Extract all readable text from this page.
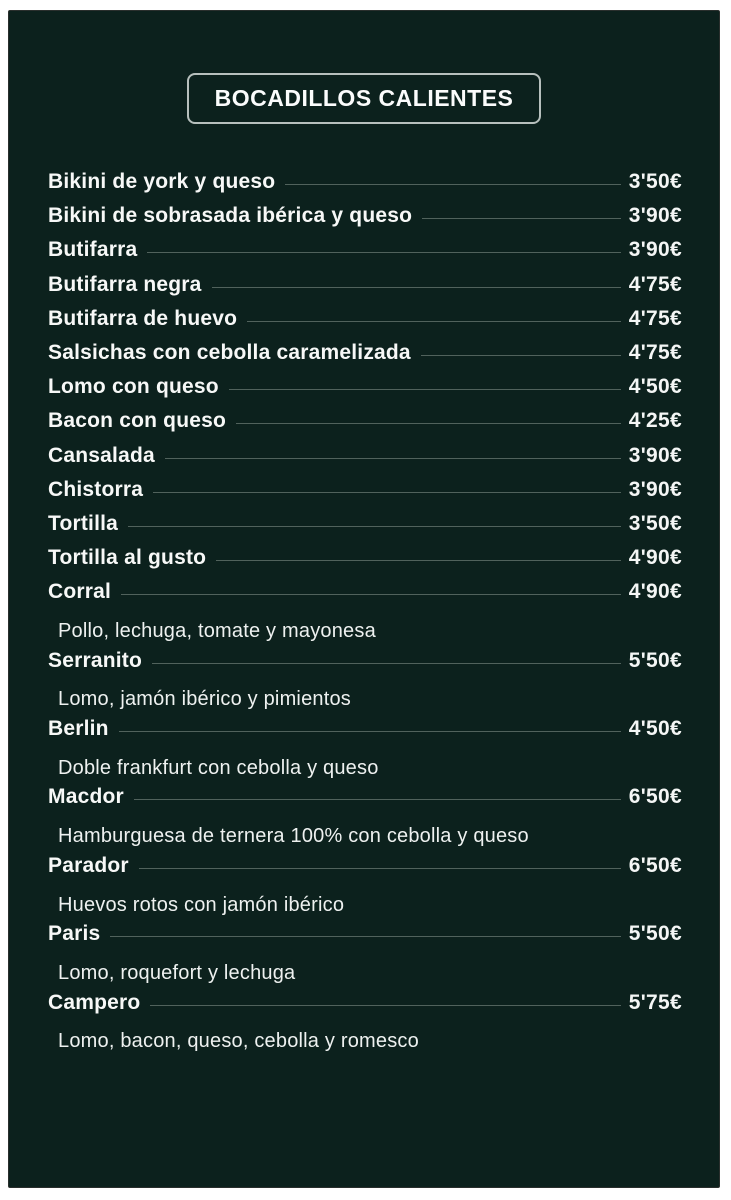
BOCADILLOS CALIENTES
Bikini de york y queso	3'50€
Bikini de sobrasada ibérica y queso	3'90€
Butifarra	3'90€
Butifarra negra	4'75€
Butifarra de huevo	4'75€
Salsichas con cebolla caramelizada	4'75€
Lomo con queso	4'50€
Bacon con queso	4'25€
Cansalada	3'90€
Chistorra	3'90€
Tortilla	3'50€
Tortilla al gusto	4'90€
Corral	4'90€
Pollo, lechuga, tomate y mayonesa
Serranito	5'50€
Lomo, jamón ibérico y pimientos
Berlin	4'50€
Doble frankfurt con cebolla y queso
Macdor	6'50€
Hamburguesa de ternera 100% con cebolla y queso
Parador	6'50€
Huevos rotos con jamón ibérico
Paris	5'50€
Lomo, roquefort y lechuga
Campero	5'75€
Lomo, bacon, queso, cebolla y romesco
